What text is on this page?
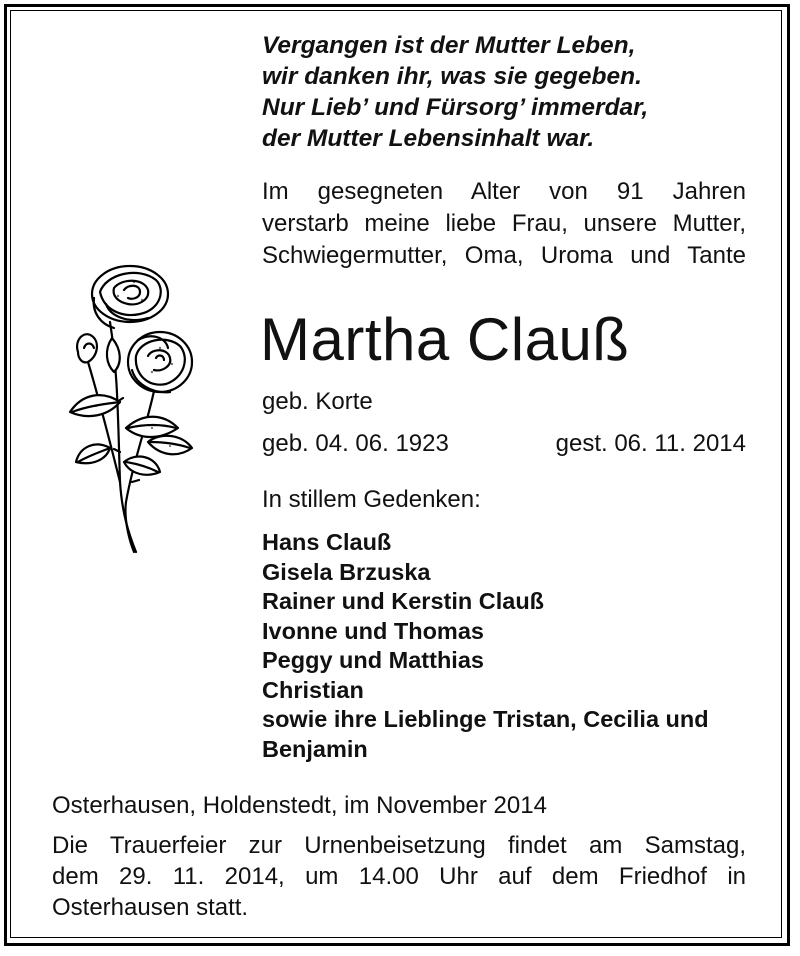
Vergangen ist der Mutter Leben,
wir danken ihr, was sie gegeben.
Nur Lieb’ und Fürsorg’ immerdar,
der Mutter Lebensinhalt war.
Im gesegneten Alter von 91 Jahren
verstarb meine liebe Frau, unsere Mutter,
Schwiegermutter, Oma, Uroma und Tante
Martha Clauß
geb. Korte
geb. 04. 06. 1923	gest. 06. 11. 2014
In stillem Gedenken:
Hans Clauß
Gisela Brzuska
Rainer und Kerstin Clauß
Ivonne und Thomas
Peggy und Matthias
Christian
sowie ihre Lieblinge Tristan, Cecilia und
Benjamin
Osterhausen, Holdenstedt, im November 2014
Die Trauerfeier zur Urnenbeisetzung findet am Samstag,
dem 29. 11. 2014, um 14.00 Uhr auf dem Friedhof in
Osterhausen statt.
